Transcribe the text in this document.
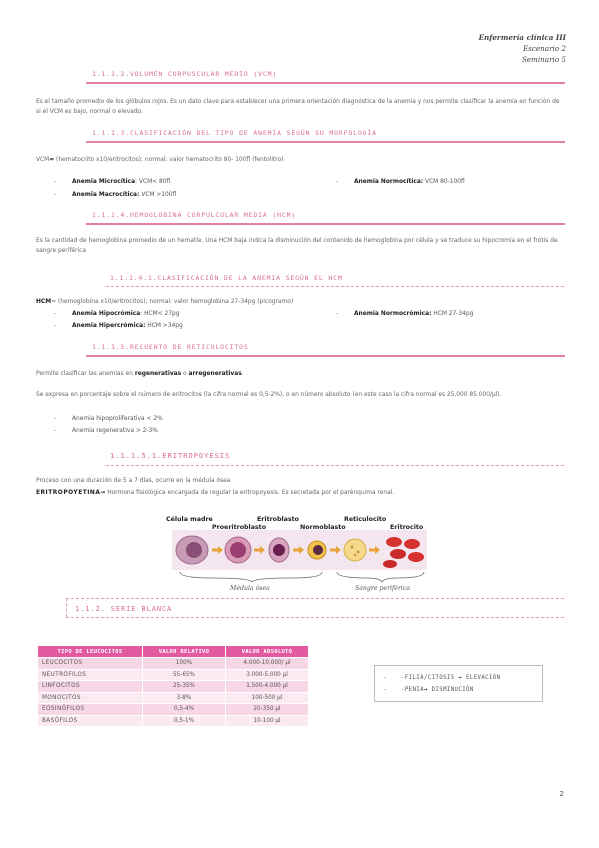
Enfermería clínica III
Escenario 2
Seminario 5
1.1.1.2.VOLUMEN CORPUSCULAR MEDIO (VCM)
Es el tamaño promedio de los glóbulos rojos. Es un dato clave para establecer una primera orientación diagnóstica de la anemia y nos permite clasificar la anemia en función de si el VCM es bajo, normal o elevado.
1.1.1.3.CLASIFICACIÓN DEL TIPO DE ANEMIA SEGÚN SU MORFOLOGÍA
VCM= (hematocrito x10/eritrocitos); normal: valor hematocrito 80- 100fl (fentolitro)
-	Anemia Microcítica: VCM< 80fl	-	Anemia Normocítica: VCM 80-100fl
-	Anemia Macrocítica: VCM >100fl
1.1.1.4.HEMOGLOBINA CORPULCULAR MEDIA (HCM)
Es la cantidad de hemoglobina promedio de un hematíe. Una HCM baja indica la disminución del contenido de hemoglobina por célula y se traduce su hipocromía en el frotis de sangre periférica
1.1.1.4.1.CLASIFICACIÓN DE LA ANEMIA SEGÚN EL HCM
HCM= (hemoglobina x10/eritrocitos); normal: valor hemoglobina 27-34pg (picogramo)
-	Anemia Hipocrómica: HCM< 27pg	-	Anemia Normocrómica: HCM 27-34pg
-	Anemia Hipercrómica: HCM >34pg
1.1.1.5.RECUENTO DE RETICULOCITOS
Permite clasificar las anemias en regenerativas o arregenerativas.
Se expresa en porcentaje sobre el número de eritrocitos (la cifra normal es 0,5-2%), o en número absoluto (en este caso la cifra normal es 25.000 85.000/µl).
-	Anemia hipoproliferativa < 2%
-	Anemia regenerativa > 2-3%
1.1.1.5.1.ERITROPOYESIS
Proceso con una duración de 5 a 7 días, ocurre en la médula ósea
ERITROPOYETINA→ Hormona fisiológica encargada de regular la eritropoyesis. Es secretada por el parénquima renal.
Célula madre
Proeritroblasto
Eritroblasto
Normoblasto
Reticulocito
Eritrocito
Médula ósea	Sangre periférica
1.1.2. SERIE BLANCA
TIPO DE LEUCOCITOS	VALOR RELATIVO	VALOR ABSOLUTO
LEUCOCITOS	100%	4.000-10.000/ µl
NEUTRÓFILOS	55-65%	3.000-5.000 µl
LINFOCITOS	25-35%	1.500-4.000 µl
MONOCITOS	3-8%	100-500 µl
EOSINÓFILOS	0,5-4%	20-350 µl
BASÓFILOS	0,5-1%	10-100 µl
- -FILIA/CITOSIS → ELEVACIÓN
- -PENIA→ DISMINUCIÓN
2
